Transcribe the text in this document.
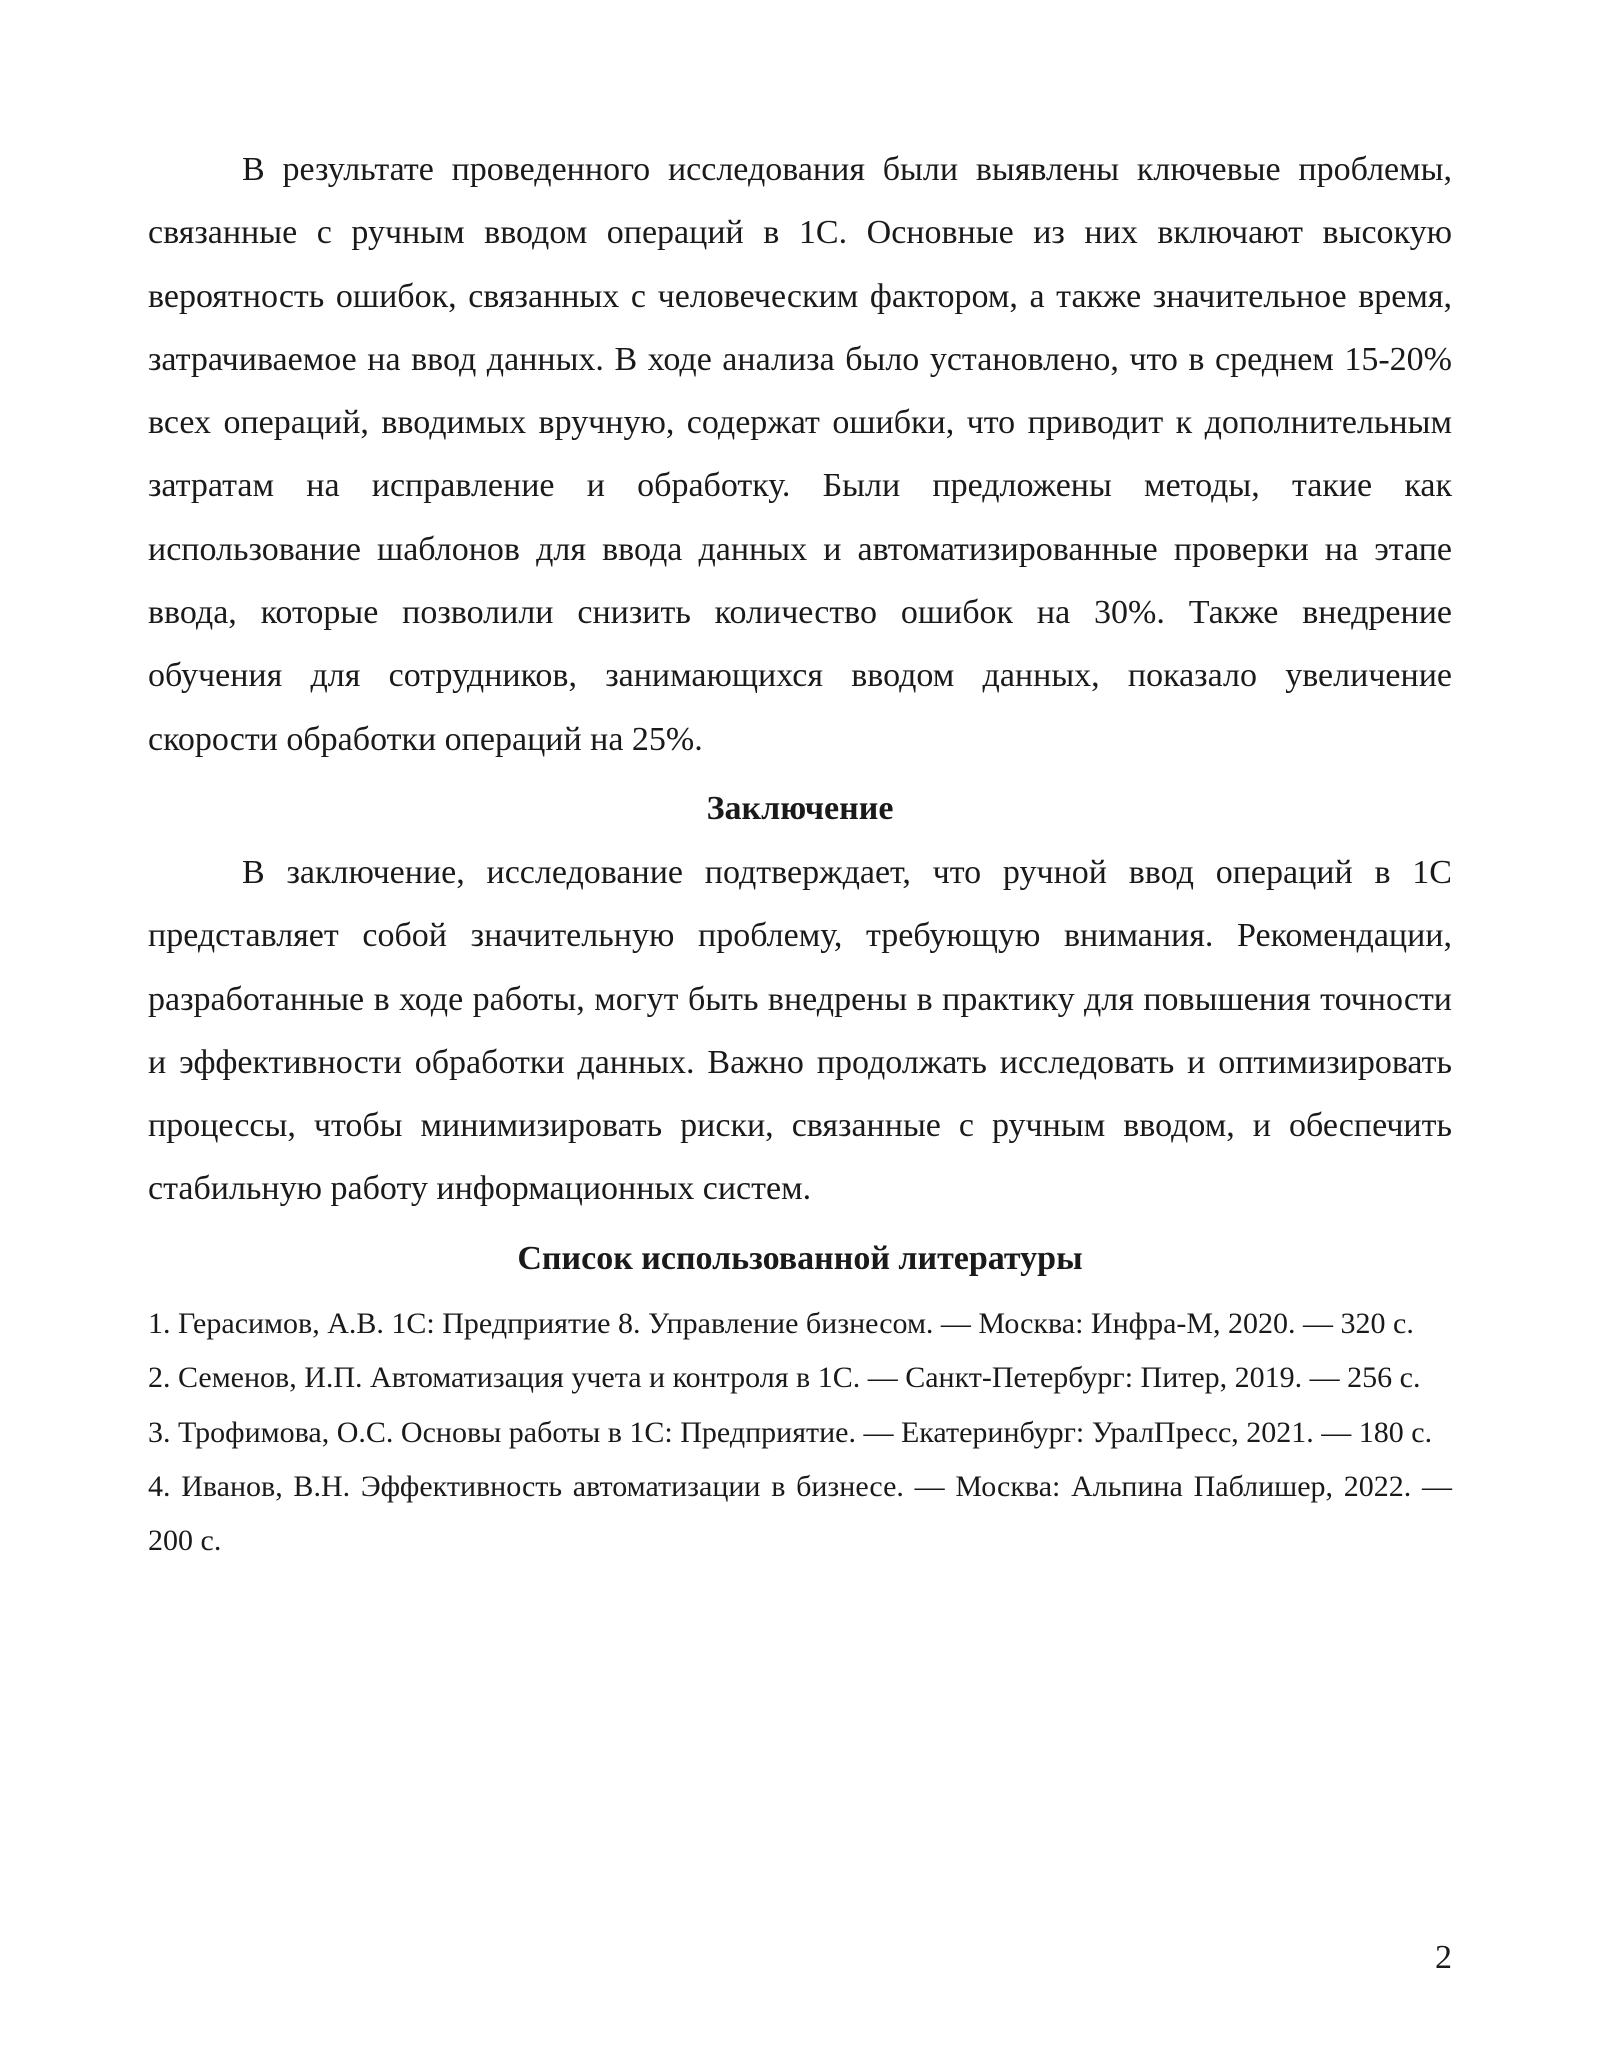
В результате проведенного исследования были выявлены ключевые проблемы, связанные с ручным вводом операций в 1С. Основные из них включают высокую вероятность ошибок, связанных с человеческим фактором, а также значительное время, затрачиваемое на ввод данных. В ходе анализа было установлено, что в среднем 15-20% всех операций, вводимых вручную, содержат ошибки, что приводит к дополнительным затратам на исправление и обработку. Были предложены методы, такие как использование шаблонов для ввода данных и автоматизированные проверки на этапе ввода, которые позволили снизить количество ошибок на 30%. Также внедрение обучения для сотрудников, занимающихся вводом данных, показало увеличение скорости обработки операций на 25%.

Заключение

В заключение, исследование подтверждает, что ручной ввод операций в 1С представляет собой значительную проблему, требующую внимания. Рекомендации, разработанные в ходе работы, могут быть внедрены в практику для повышения точности и эффективности обработки данных. Важно продолжать исследовать и оптимизировать процессы, чтобы минимизировать риски, связанные с ручным вводом, и обеспечить стабильную работу информационных систем.

Список использованной литературы
1. Герасимов, А.В. 1С: Предприятие 8. Управление бизнесом. — Москва: Инфра-М, 2020. — 320 с.
2. Семенов, И.П. Автоматизация учета и контроля в 1С. — Санкт-Петербург: Питер, 2019. — 256 с.
3. Трофимова, О.С. Основы работы в 1С: Предприятие. — Екатеринбург: УралПресс, 2021. — 180 с.
4. Иванов, В.Н. Эффективность автоматизации в бизнесе. — Москва: Альпина Паблишер, 2022. — 200 с.
2
